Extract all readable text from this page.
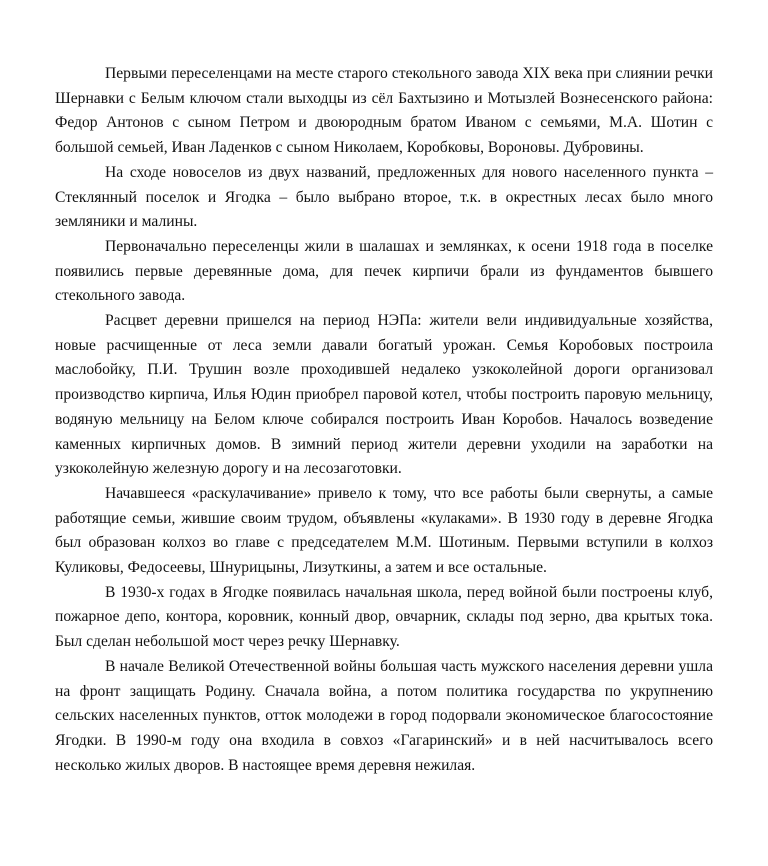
Первыми переселенцами на месте старого стекольного завода XIX века при слиянии речки Шернавки с Белым ключом стали выходцы из сёл Бахтызино и Мотызлей Вознесенского района: Федор Антонов с сыном Петром и двоюродным братом Иваном с семьями, М.А. Шотин с большой семьей, Иван Ладенков с сыном Николаем, Коробковы, Вороновы. Дубровины.

На сходе новоселов из двух названий, предложенных для нового населенного пункта – Стеклянный поселок и Ягодка – было выбрано второе, т.к. в окрестных лесах было много земляники и малины.

Первоначально переселенцы жили в шалашах и землянках, к осени 1918 года в поселке появились первые деревянные дома, для печек кирпичи брали из фундаментов бывшего стекольного завода.

Расцвет деревни пришелся на период НЭПа: жители вели индивидуальные хозяйства, новые расчищенные от леса земли давали богатый урожан. Семья Коробовых построила маслобойку, П.И. Трушин возле проходившей недалеко узкоколейной дороги организовал производство кирпича, Илья Юдин приобрел паровой котел, чтобы построить паровую мельницу, водяную мельницу на Белом ключе собирался построить Иван Коробов. Началось возведение каменных кирпичных домов. В зимний период жители деревни уходили на заработки на узкоколейную железную дорогу и на лесозаготовки.

Начавшееся «раскулачивание» привело к тому, что все работы были свернуты, а самые работящие семьи, жившие своим трудом, объявлены «кулаками». В 1930 году в деревне Ягодка был образован колхоз во главе с председателем М.М. Шотиным. Первыми вступили в колхоз Куликовы, Федосеевы, Шнурицыны, Лизуткины, а затем и все остальные.

В 1930-х годах в Ягодке появилась начальная школа, перед войной были построены клуб, пожарное депо, контора, коровник, конный двор, овчарник, склады под зерно, два крытых тока. Был сделан небольшой мост через речку Шернавку.

В начале Великой Отечественной войны большая часть мужского населения деревни ушла на фронт защищать Родину. Сначала война, а потом политика государства по укрупнению сельских населенных пунктов, отток молодежи в город подорвали экономическое благосостояние Ягодки. В 1990-м году она входила в совхоз «Гагаринский» и в ней насчитывалось всего несколько жилых дворов. В настоящее время деревня нежилая.
